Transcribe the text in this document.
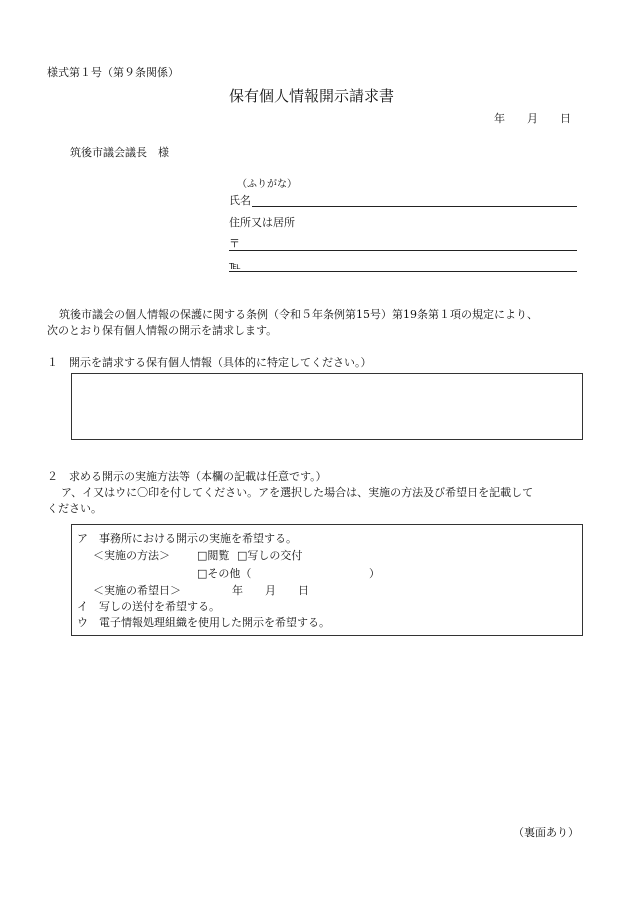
様式第１号（第９条関係）
保有個人情報開示請求書
年　　月　　日
筑後市議会議長　様
（ふりがな）
氏名
住所又は居所
〒
℡
筑後市議会の個人情報の保護に関する条例（令和５年条例第15号）第19条第１項の規定により、
次のとおり保有個人情報の開示を請求します。
１　開示を請求する保有個人情報（具体的に特定してください。）
２　求める開示の実施方法等（本欄の記載は任意です。）
ア、イ又はウに〇印を付してください。アを選択した場合は、実施の方法及び希望日を記載して
ください。
ア　事務所における開示の実施を希望する。
＜実施の方法＞ □閲覧 □写しの交付
□その他（	）
＜実施の希望日＞	年　　月　　日
イ　写しの送付を希望する。
ウ　電子情報処理組織を使用した開示を希望する。
（裏面あり）
